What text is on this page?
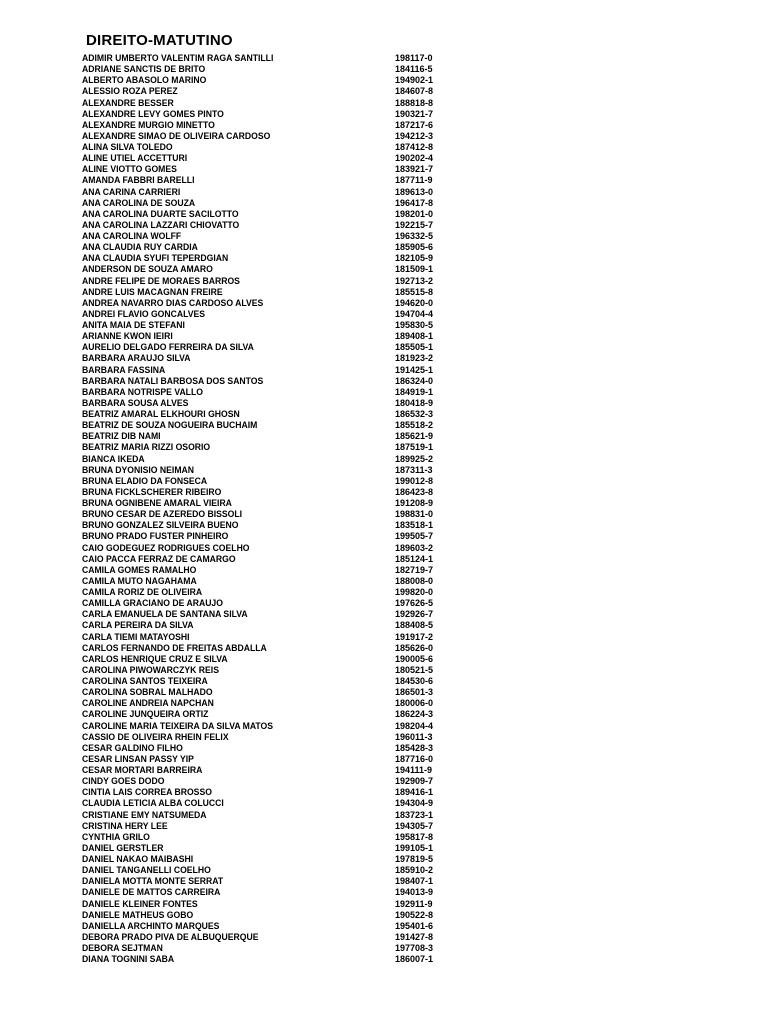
DIREITO-MATUTINO
ADIMIR UMBERTO VALENTIM RAGA SANTILLI	198117-0
ADRIANE SANCTIS DE BRITO	184116-5
ALBERTO ABASOLO MARINO	194902-1
ALESSIO ROZA PEREZ	184607-8
ALEXANDRE BESSER	188818-8
ALEXANDRE LEVY GOMES PINTO	190321-7
ALEXANDRE MURGIO MINETTO	187217-6
ALEXANDRE SIMAO DE OLIVEIRA CARDOSO	194212-3
ALINA SILVA TOLEDO	187412-8
ALINE UTIEL ACCETTURI	190202-4
ALINE VIOTTO GOMES	183921-7
AMANDA FABBRI BARELLI	187711-9
ANA CARINA CARRIERI	189613-0
ANA CAROLINA DE SOUZA	196417-8
ANA CAROLINA DUARTE SACILOTTO	198201-0
ANA CAROLINA LAZZARI CHIOVATTO	192215-7
ANA CAROLINA WOLFF	196332-5
ANA CLAUDIA RUY CARDIA	185905-6
ANA CLAUDIA SYUFI TEPERDGIAN	182105-9
ANDERSON DE SOUZA AMARO	181509-1
ANDRE FELIPE DE MORAES BARROS	192713-2
ANDRE LUIS MACAGNAN FREIRE	185515-8
ANDREA NAVARRO DIAS CARDOSO ALVES	194620-0
ANDREI FLAVIO GONCALVES	194704-4
ANITA MAIA DE STEFANI	195830-5
ARIANNE KWON IEIRI	189408-1
AURELIO DELGADO FERREIRA DA SILVA	185505-1
BARBARA ARAUJO SILVA	181923-2
BARBARA FASSINA	191425-1
BARBARA NATALI BARBOSA DOS SANTOS	186324-0
BARBARA NOTRISPE VALLO	184919-1
BARBARA SOUSA ALVES	180418-9
BEATRIZ AMARAL ELKHOURI GHOSN	186532-3
BEATRIZ DE SOUZA NOGUEIRA BUCHAIM	185518-2
BEATRIZ DIB NAMI	185621-9
BEATRIZ MARIA RIZZI OSORIO	187519-1
BIANCA IKEDA	189925-2
BRUNA DYONISIO NEIMAN	187311-3
BRUNA ELADIO DA FONSECA	199012-8
BRUNA FICKLSCHERER RIBEIRO	186423-8
BRUNA OGNIBENE AMARAL VIEIRA	191208-9
BRUNO CESAR DE AZEREDO BISSOLI	198831-0
BRUNO GONZALEZ SILVEIRA BUENO	183518-1
BRUNO PRADO FUSTER PINHEIRO	199505-7
CAIO GODEGUEZ RODRIGUES COELHO	189603-2
CAIO PACCA FERRAZ DE CAMARGO	185124-1
CAMILA GOMES RAMALHO	182719-7
CAMILA MUTO NAGAHAMA	188008-0
CAMILA RORIZ DE OLIVEIRA	199820-0
CAMILLA GRACIANO DE ARAUJO	197626-5
CARLA EMANUELA DE SANTANA SILVA	192926-7
CARLA PEREIRA DA SILVA	188408-5
CARLA TIEMI MATAYOSHI	191917-2
CARLOS FERNANDO DE FREITAS ABDALLA	185626-0
CARLOS HENRIQUE CRUZ E SILVA	190005-6
CAROLINA PIWOWARCZYK REIS	180521-5
CAROLINA SANTOS TEIXEIRA	184530-6
CAROLINA SOBRAL MALHADO	186501-3
CAROLINE ANDREIA NAPCHAN	180006-0
CAROLINE JUNQUEIRA ORTIZ	186224-3
CAROLINE MARIA TEIXEIRA DA SILVA MATOS	198204-4
CASSIO DE OLIVEIRA RHEIN FELIX	196011-3
CESAR GALDINO FILHO	185428-3
CESAR LINSAN PASSY YIP	187716-0
CESAR MORTARI BARREIRA	194111-9
CINDY GOES DODO	192909-7
CINTIA LAIS CORREA BROSSO	189416-1
CLAUDIA LETICIA ALBA COLUCCI	194304-9
CRISTIANE EMY NATSUMEDA	183723-1
CRISTINA HERY LEE	194305-7
CYNTHIA GRILO	195817-8
DANIEL GERSTLER	199105-1
DANIEL NAKAO MAIBASHI	197819-5
DANIEL TANGANELLI COELHO	185910-2
DANIELA MOTTA MONTE SERRAT	198407-1
DANIELE DE MATTOS CARREIRA	194013-9
DANIELE KLEINER FONTES	192911-9
DANIELE MATHEUS GOBO	190522-8
DANIELLA ARCHINTO MARQUES	195401-6
DEBORA PRADO PIVA DE ALBUQUERQUE	191427-8
DEBORA SEJTMAN	197708-3
DIANA TOGNINI SABA	186007-1
